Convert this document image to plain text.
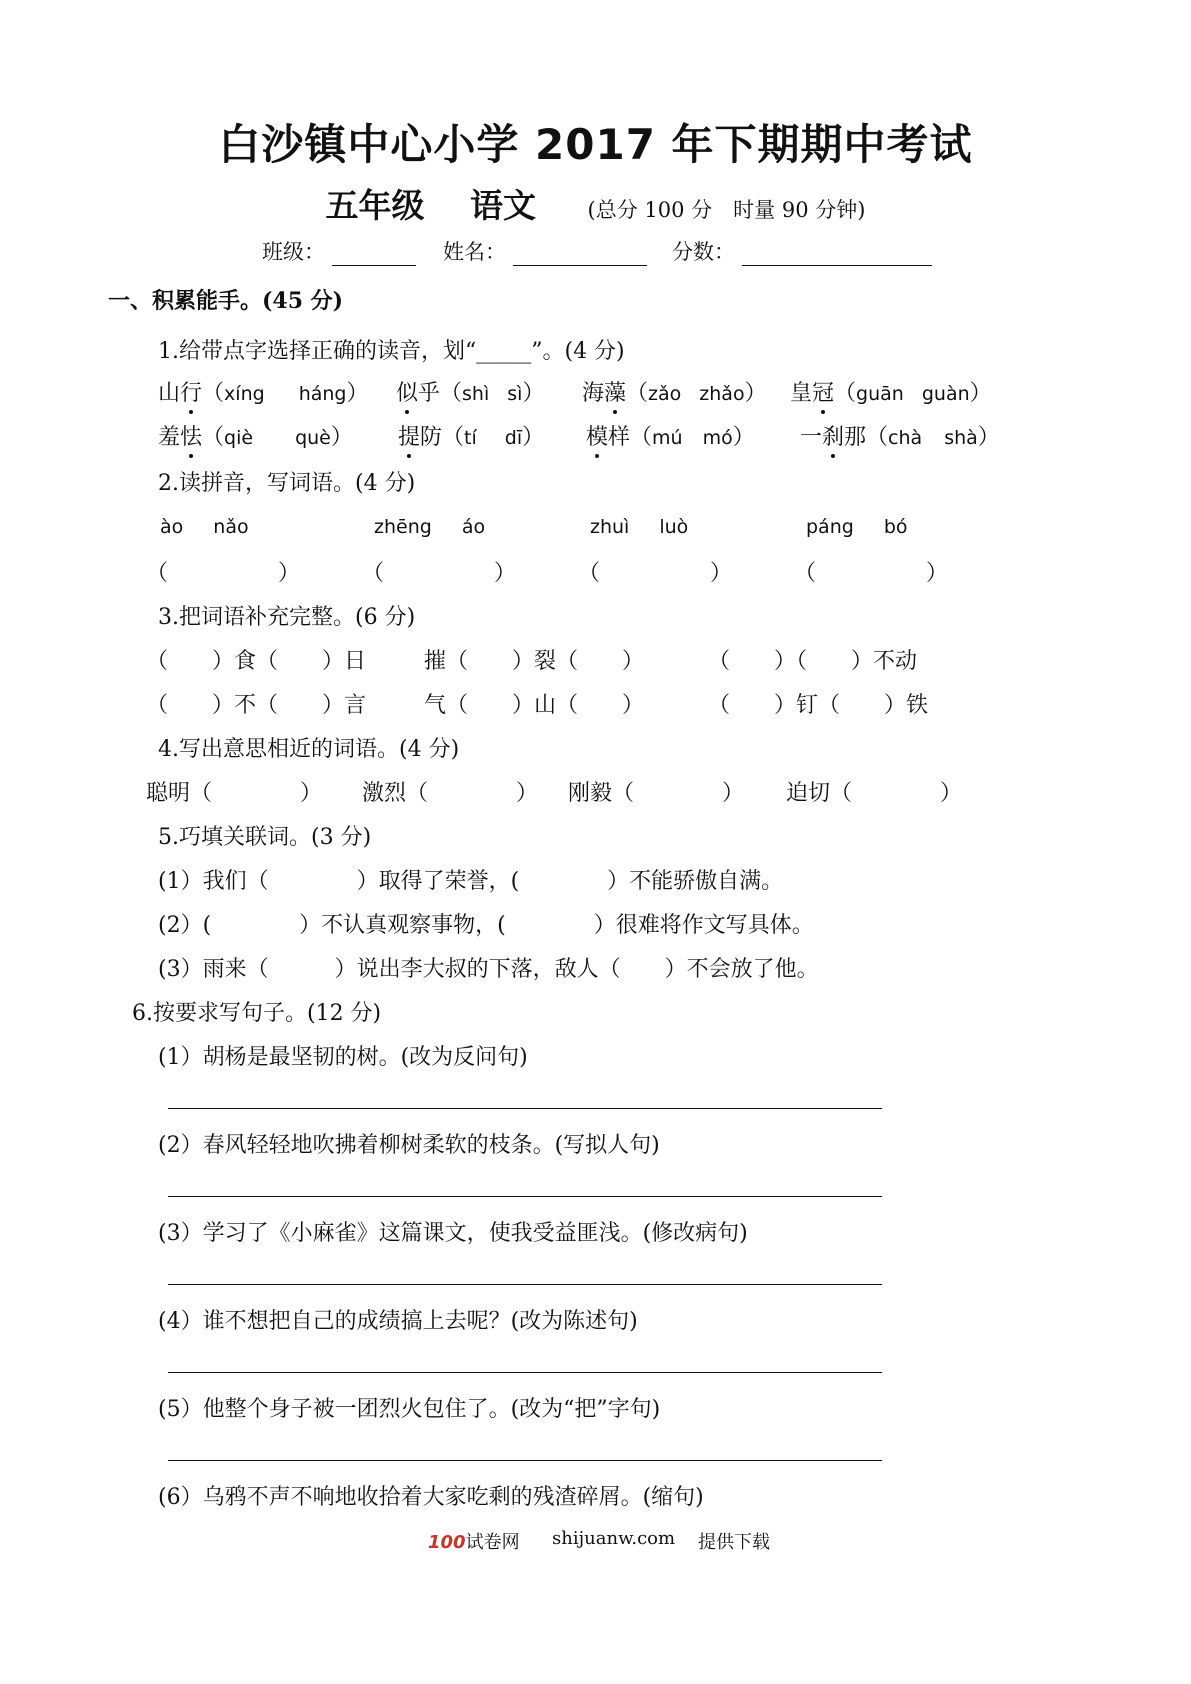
白沙镇中心小学 2017 年下期期中考试
五年级 语文 (总分 100 分　时量 90 分钟)
班级：	姓名：	分数：
一、积累能手。(45 分)
1.给带点字选择正确的读音，划“_____”。(4 分)
山行（xíng háng） 似乎（shì sì） 海藻（zǎo zhǎo） 皇冠（guān guàn）
羞怯（qiè què） 提防（tí dī） 模样（mú mó） 一刹那（chà shà）
2.读拼音，写词语。(4 分)
ào nǎo	zhēng áo	zhuì luò	páng bó
（　　　　　）	（　　　　　）	（　　　　　）	（　　　　　）
3.把词语补充完整。(6 分)
（　　）食（　　）日	摧（　　）裂（　　）	（　　）（　　）不动
（　　）不（　　）言	气（　　）山（　　）	（　　）钉（　　）铁
4.写出意思相近的词语。(4 分)
聪明（　　　　） 激烈（　　　　） 刚毅（　　　　） 迫切（　　　　）
5.巧填关联词。(3 分)
(1）我们（　　　　）取得了荣誉，(　　　　）不能骄傲自满。
(2）(　　　　）不认真观察事物，(　　　　）很难将作文写具体。
(3）雨来（　　　）说出李大叔的下落，敌人（　　）不会放了他。
6.按要求写句子。(12 分)
(1）胡杨是最坚韧的树。(改为反问句)
(2）春风轻轻地吹拂着柳树柔软的枝条。(写拟人句)
(3）学习了《小麻雀》这篇课文，使我受益匪浅。(修改病句)
(4）谁不想把自己的成绩搞上去呢？(改为陈述句)
(5）他整个身子被一团烈火包住了。(改为“把”字句)
(6）乌鸦不声不响地收拾着大家吃剩的残渣碎屑。(缩句)
100试卷网 shijuanw.com 提供下载
